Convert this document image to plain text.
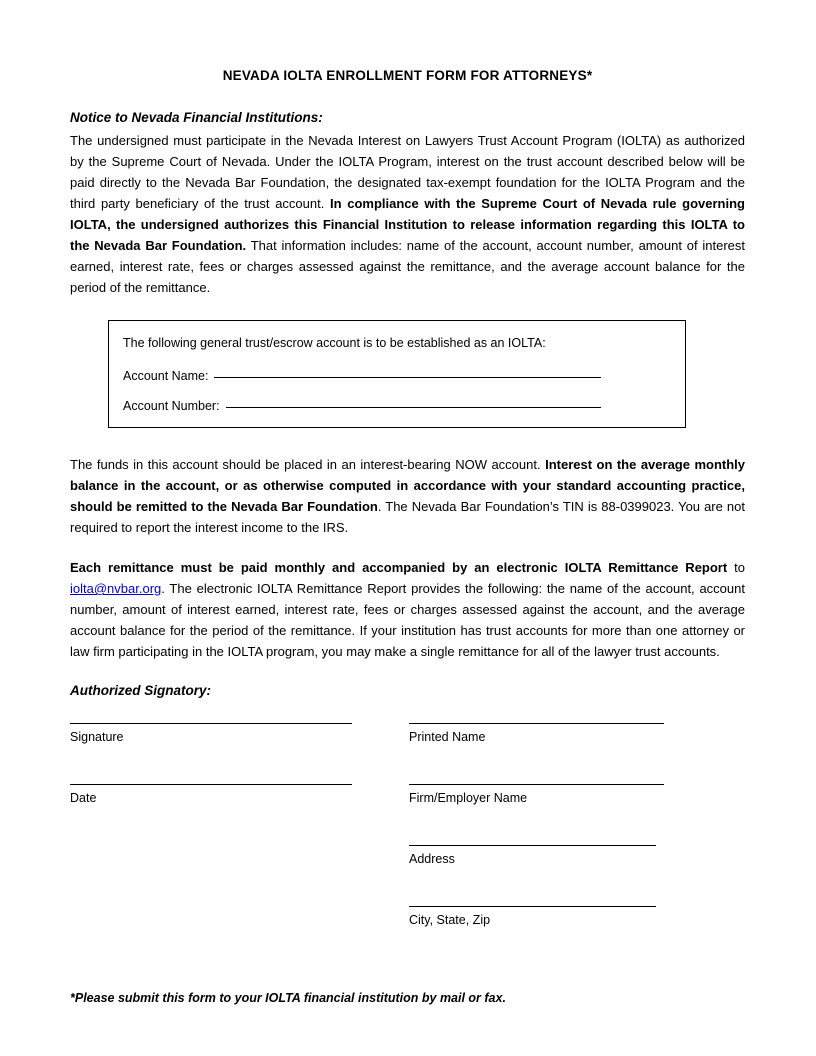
NEVADA IOLTA ENROLLMENT FORM FOR ATTORNEYS*
Notice to Nevada Financial Institutions:

The undersigned must participate in the Nevada Interest on Lawyers Trust Account Program (IOLTA) as authorized by the Supreme Court of Nevada. Under the IOLTA Program, interest on the trust account described below will be paid directly to the Nevada Bar Foundation, the designated tax-exempt foundation for the IOLTA Program and the third party beneficiary of the trust account. In compliance with the Supreme Court of Nevada rule governing IOLTA, the undersigned authorizes this Financial Institution to release information regarding this IOLTA to the Nevada Bar Foundation. That information includes: name of the account, account number, amount of interest earned, interest rate, fees or charges assessed against the remittance, and the average account balance for the period of the remittance.

The following general trust/escrow account is to be established as an IOLTA:
Account Name:
Account Number:

The funds in this account should be placed in an interest-bearing NOW account. Interest on the average monthly balance in the account, or as otherwise computed in accordance with your standard accounting practice, should be remitted to the Nevada Bar Foundation. The Nevada Bar Foundation’s TIN is 88-0399023. You are not required to report the interest income to the IRS.

Each remittance must be paid monthly and accompanied by an electronic IOLTA Remittance Report to iolta@nvbar.org. The electronic IOLTA Remittance Report provides the following: the name of the account, account number, amount of interest earned, interest rate, fees or charges assessed against the account, and the average account balance for the period of the remittance. If your institution has trust accounts for more than one attorney or law firm participating in the IOLTA program, you may make a single remittance for all of the lawyer trust accounts.

Authorized Signatory:
Signature	Printed Name
Date	Firm/Employer Name
Address
City, State, Zip

*Please submit this form to your IOLTA financial institution by mail or fax.
